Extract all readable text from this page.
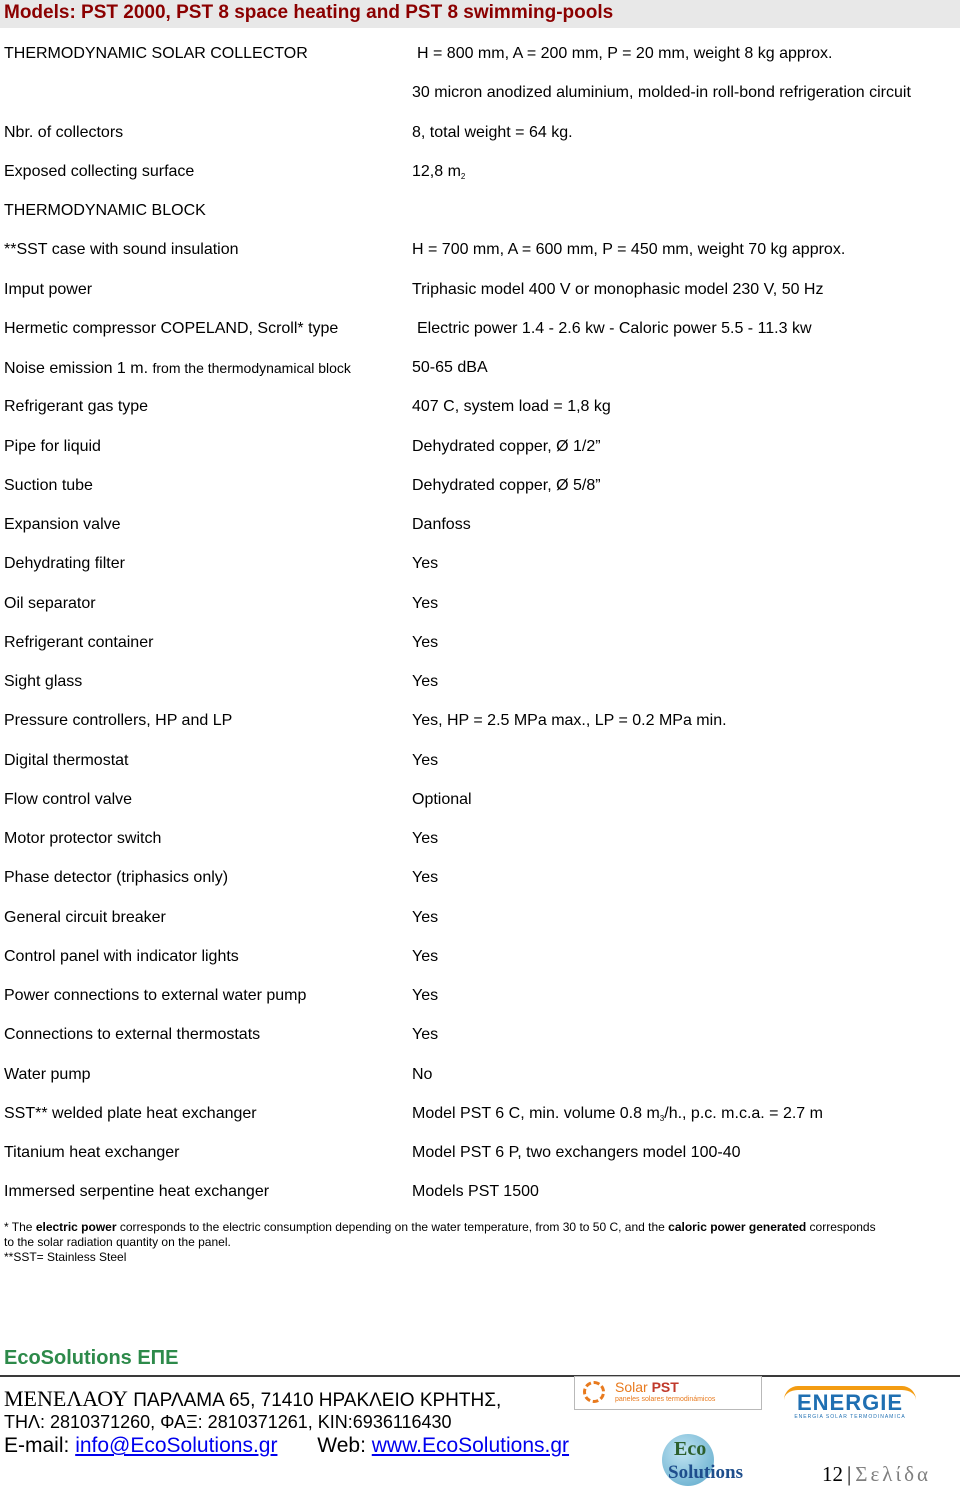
Models: PST 2000, PST 8 space heating and PST 8 swimming-pools
THERMODYNAMIC SOLAR COLLECTOR	H = 800 mm, A = 200 mm, P = 20 mm, weight 8 kg approx.
30 micron anodized aluminium, molded-in roll-bond refrigeration circuit
Nbr. of collectors	8, total weight = 64 kg.
Exposed collecting surface	12,8 m2
THERMODYNAMIC BLOCK
**SST case with sound insulation	H = 700 mm, A = 600 mm, P = 450 mm, weight 70 kg approx.
Imput power	Triphasic model 400 V or monophasic model 230 V, 50 Hz
Hermetic compressor COPELAND, Scroll* type	Electric power 1.4 - 2.6 kw - Caloric power 5.5 - 11.3 kw
Noise emission 1 m. from the thermodynamical block	50-65 dBA
Refrigerant gas type	407 C, system load = 1,8 kg
Pipe for liquid	Dehydrated copper, Ø 1/2”
Suction tube	Dehydrated copper, Ø 5/8”
Expansion valve	Danfoss
Dehydrating filter	Yes
Oil separator	Yes
Refrigerant container	Yes
Sight glass	Yes
Pressure controllers, HP and LP	Yes, HP = 2.5 MPa max., LP = 0.2 MPa min.
Digital thermostat	Yes
Flow control valve	Optional
Motor protector switch	Yes
Phase detector (triphasics only)	Yes
General circuit breaker	Yes
Control panel with indicator lights	Yes
Power connections to external water pump	Yes
Connections to external thermostats	Yes
Water pump	No
SST** welded plate heat exchanger	Model PST 6 C, min. volume 0.8 m3/h., p.c. m.c.a. = 2.7 m
Titanium heat exchanger	Model PST 6 P, two exchangers model 100-40
Immersed serpentine heat exchanger	Models PST 1500
* The electric power corresponds to the electric consumption depending on the water temperature, from 30 to 50 C, and the caloric power generated corresponds
to the solar radiation quantity on the panel.
**SST= Stainless Steel
EcoSolutions ΕΠΕ
ΜΕΝΕΛΑΟΥ ΠΑΡΛΑΜΑ 65, 71410 ΗΡΑΚΛΕΙΟ ΚΡΗΤΗΣ,
ΤΗΛ: 2810371260, ΦΑΞ: 2810371261, ΚΙΝ:6936116430
E-mail: info@EcoSolutions.gr Web: www.EcoSolutions.gr
Solar PST
paneles solares termodinámicos	ENERGIE
ENERGIA SOLAR TERMODINAMICA
Eco
Solutions	12 | Σελίδα
